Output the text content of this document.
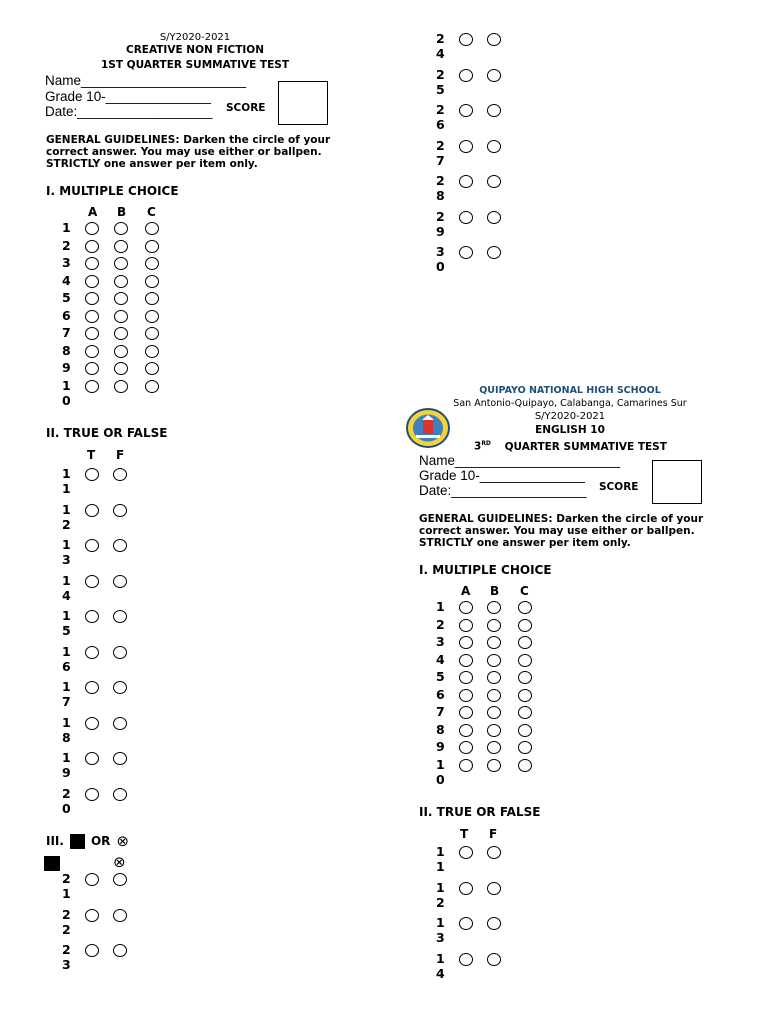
S/Y2020-2021
CREATIVE NON FICTION
1ST QUARTER SUMMATIVE TEST
Name______________________
Grade 10-______________
Date:__________________ SCORE
GENERAL GUIDELINES: Darken the circle of your correct answer. You may use either or ballpen. STRICTLY one answer per item only.
I. MULTIPLE CHOICE
A B C
1
2
3
4
5
6
7
8
9
1
0
II. TRUE OR FALSE
T F
1
1
1
2
1
3
1
4
1
5
1
6
1
7
1
8
1
9
2
0
III. OR ⊗
⊗
2
1
2
2
2
3
2
4
2
5
2
6
2
7
2
8
2
9
3
0
QUIPAYO NATIONAL HIGH SCHOOL
San Antonio-Quipayo, Calabanga, Camarines Sur
S/Y2020-2021
ENGLISH 10
3RD QUARTER SUMMATIVE TEST
Name______________________
Grade 10-______________
Date:__________________ SCORE
GENERAL GUIDELINES: Darken the circle of your correct answer. You may use either or ballpen. STRICTLY one answer per item only.
I. MULTIPLE CHOICE
A B C
1
2
3
4
5
6
7
8
9
1
0
II. TRUE OR FALSE
T F
1
1
1
2
1
3
1
4
